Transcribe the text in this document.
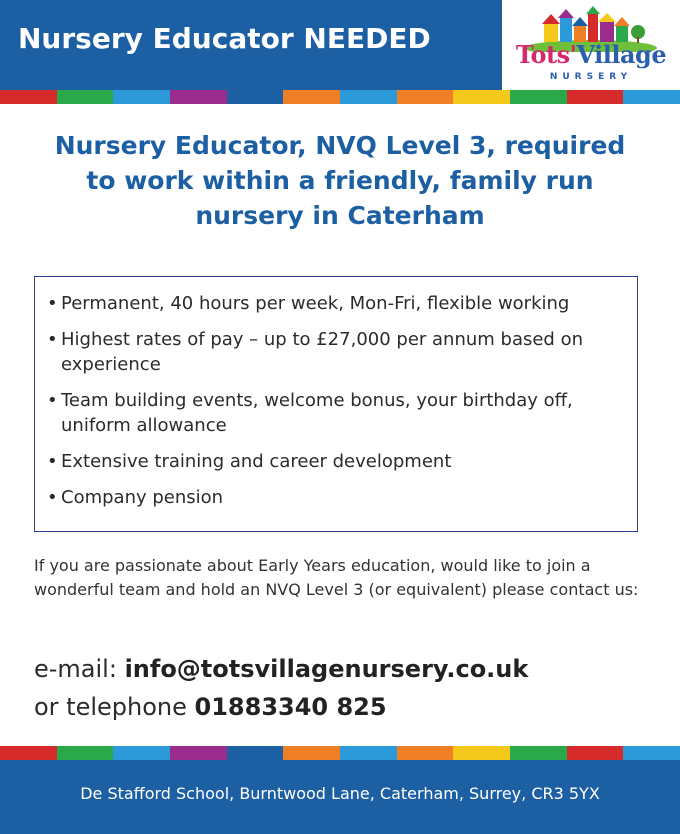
Nursery Educator NEEDED	Tots'Village
NURSERY
Nursery Educator, NVQ Level 3, required
to work within a friendly, family run
nursery in Caterham
• Permanent, 40 hours per week, Mon-Fri, flexible working
• Highest rates of pay – up to £27,000 per annum based on experience
• Team building events, welcome bonus, your birthday off, uniform allowance
• Extensive training and career development
• Company pension
If you are passionate about Early Years education, would like to join a wonderful team and hold an NVQ Level 3 (or equivalent) please contact us:
e-mail: info@totsvillagenursery.co.uk
or telephone 01883340 825
De Stafford School, Burntwood Lane, Caterham, Surrey, CR3 5YX
